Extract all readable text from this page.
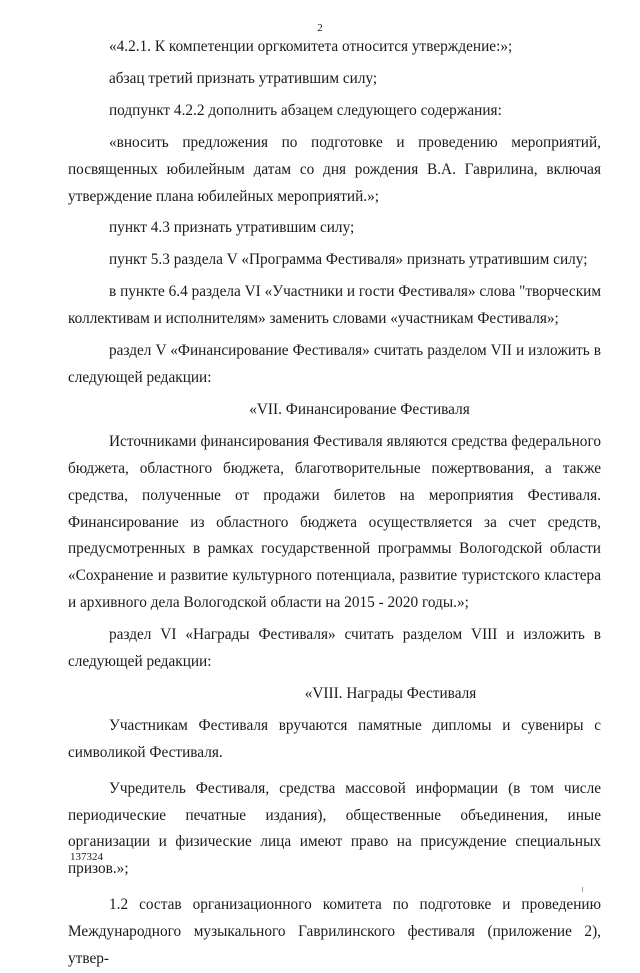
2

«4.2.1. К компетенции оргкомитета относится утверждение:»;

абзац третий признать утратившим силу;

подпункт 4.2.2 дополнить абзацем следующего содержания:

«вносить предложения по подготовке и проведению мероприятий, посвященных юбилейным датам со дня рождения В.А. Гаврилина, включая утверждение плана юбилейных мероприятий.»;

пункт 4.3 признать утратившим силу;

пункт 5.3 раздела V «Программа Фестиваля» признать утратившим силу;

в пункте 6.4 раздела VI «Участники и гости Фестиваля» слова "творческим коллективам и исполнителям» заменить словами «участникам Фестиваля»;

раздел V «Финансирование Фестиваля» считать разделом VII и изложить в следующей редакции:

«VII. Финансирование Фестиваля

Источниками финансирования Фестиваля являются средства федерального бюджета, областного бюджета, благотворительные пожертвования, а также средства, полученные от продажи билетов на мероприятия Фестиваля. Финансирование из областного бюджета осуществляется за счет средств, предусмотренных в рамках государственной программы Вологодской области «Сохранение и развитие культурного потенциала, развитие туристского кластера и архивного дела Вологодской области на 2015 - 2020 годы.»;

раздел VI «Награды Фестиваля» считать разделом VIII и изложить в следующей редакции:

«VIII. Награды Фестиваля

Участникам Фестиваля вручаются памятные дипломы и сувениры с символикой Фестиваля.

Учредитель Фестиваля, средства массовой информации (в том числе периодические печатные издания), общественные объединения, иные организации и физические лица имеют право на присуждение специальных призов.»;

1.2 состав организационного комитета по подготовке и проведению Международного музыкального Гаврилинского фестиваля (приложение 2), утвер-

137324
